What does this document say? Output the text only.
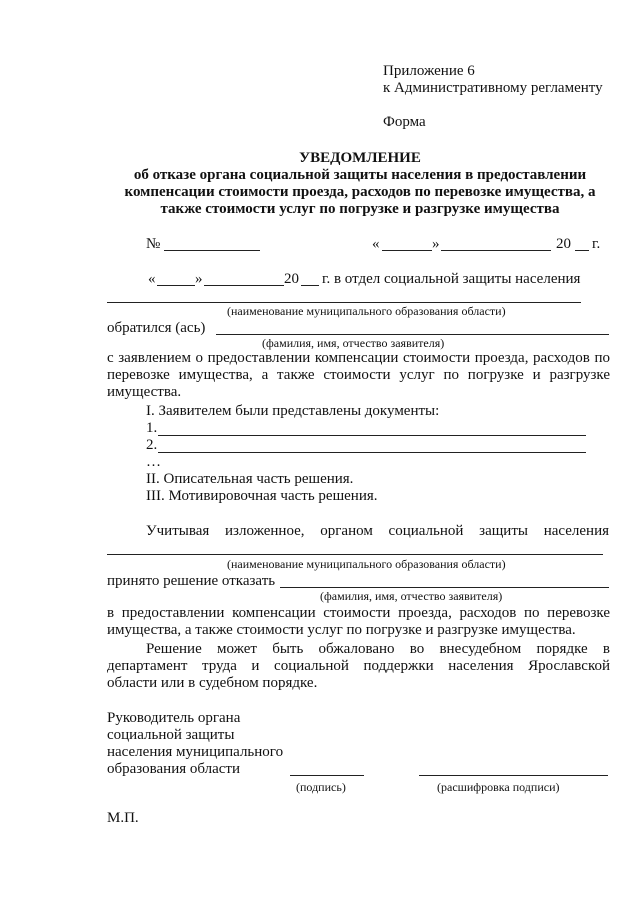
Приложение 6
к Административному регламенту
Форма
УВЕДОМЛЕНИЕ
об отказе органа социальной защиты населения в предоставлении
компенсации стоимости проезда, расходов по перевозке имущества, а
также стоимости услуг по погрузке и разгрузке имущества
№	«	»	20 г.
«	»	20 г. в отдел социальной защиты населения
(наименование муниципального образования области)
обратился (ась)
(фамилия, имя, отчество заявителя)
с заявлением о предоставлении компенсации стоимости проезда, расходов по
перевозке имущества, а также стоимости услуг по погрузке и разгрузке
имущества.
I. Заявителем были представлены документы:
1.
2.
…
II. Описательная часть решения.
III. Мотивировочная часть решения.
Учитывая изложенное, органом социальной защиты населения
(наименование муниципального образования области)
принято решение отказать
(фамилия, имя, отчество заявителя)
в предоставлении компенсации стоимости проезда, расходов по перевозке
имущества, а также стоимости услуг по погрузке и разгрузке имущества.
Решение может быть обжаловано во внесудебном порядке в
департамент труда и социальной поддержки населения Ярославской
области или в судебном порядке.
Руководитель органа
социальной защиты
населения муниципального
образования области
(подпись)	(расшифровка подписи)
М.П.
